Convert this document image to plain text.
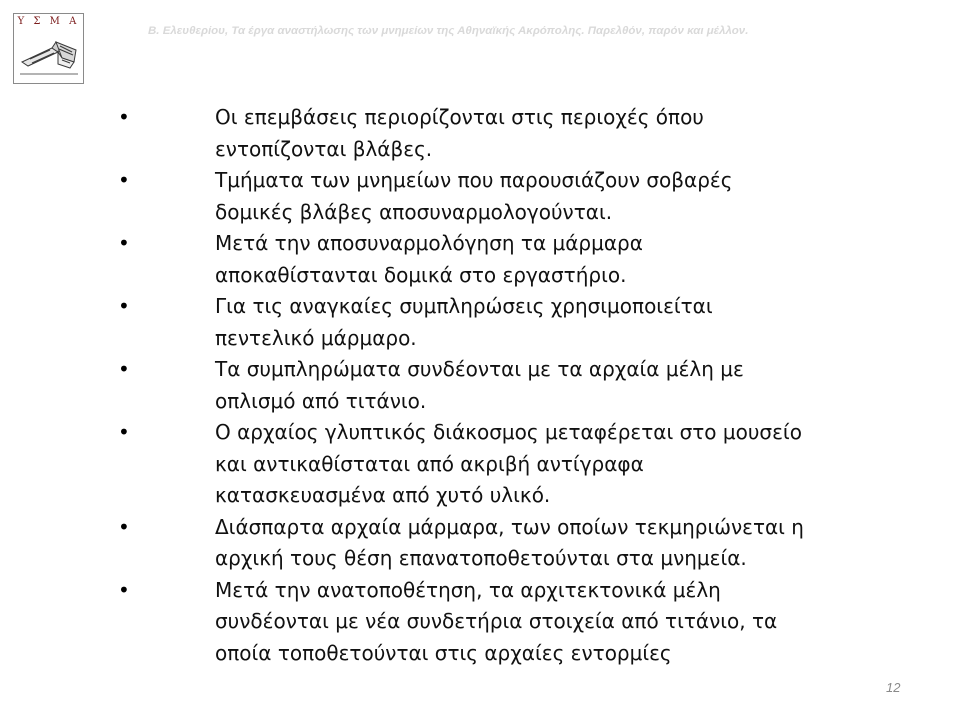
Υ Σ Μ Α
Β. Ελευθερίου, Τα έργα αναστήλωσης των μνημείων της Αθηναϊκής Ακρόπολης. Παρελθόν, παρόν και μέλλον.
•	Οι επεμβάσεις περιορίζονται στις περιοχές όπου
εντοπίζονται βλάβες.
•	Τμήματα των μνημείων που παρουσιάζουν σοβαρές
δομικές βλάβες αποσυναρμολογούνται.
•	Μετά την αποσυναρμολόγηση τα μάρμαρα
αποκαθίστανται δομικά στο εργαστήριο.
•	Για τις αναγκαίες συμπληρώσεις χρησιμοποιείται
πεντελικό μάρμαρο.
•	Τα συμπληρώματα συνδέονται με τα αρχαία μέλη με
οπλισμό από τιτάνιο.
•	Ο αρχαίος γλυπτικός διάκοσμος μεταφέρεται στο μουσείο
και αντικαθίσταται από ακριβή αντίγραφα
κατασκευασμένα από χυτό υλικό.
•	Διάσπαρτα αρχαία μάρμαρα, των οποίων τεκμηριώνεται η
αρχική τους θέση επανατοποθετούνται στα μνημεία.
•	Μετά την ανατοποθέτηση, τα αρχιτεκτονικά μέλη
συνδέονται με νέα συνδετήρια στοιχεία από τιτάνιο, τα
οποία τοποθετούνται στις αρχαίες εντορμίες
12
